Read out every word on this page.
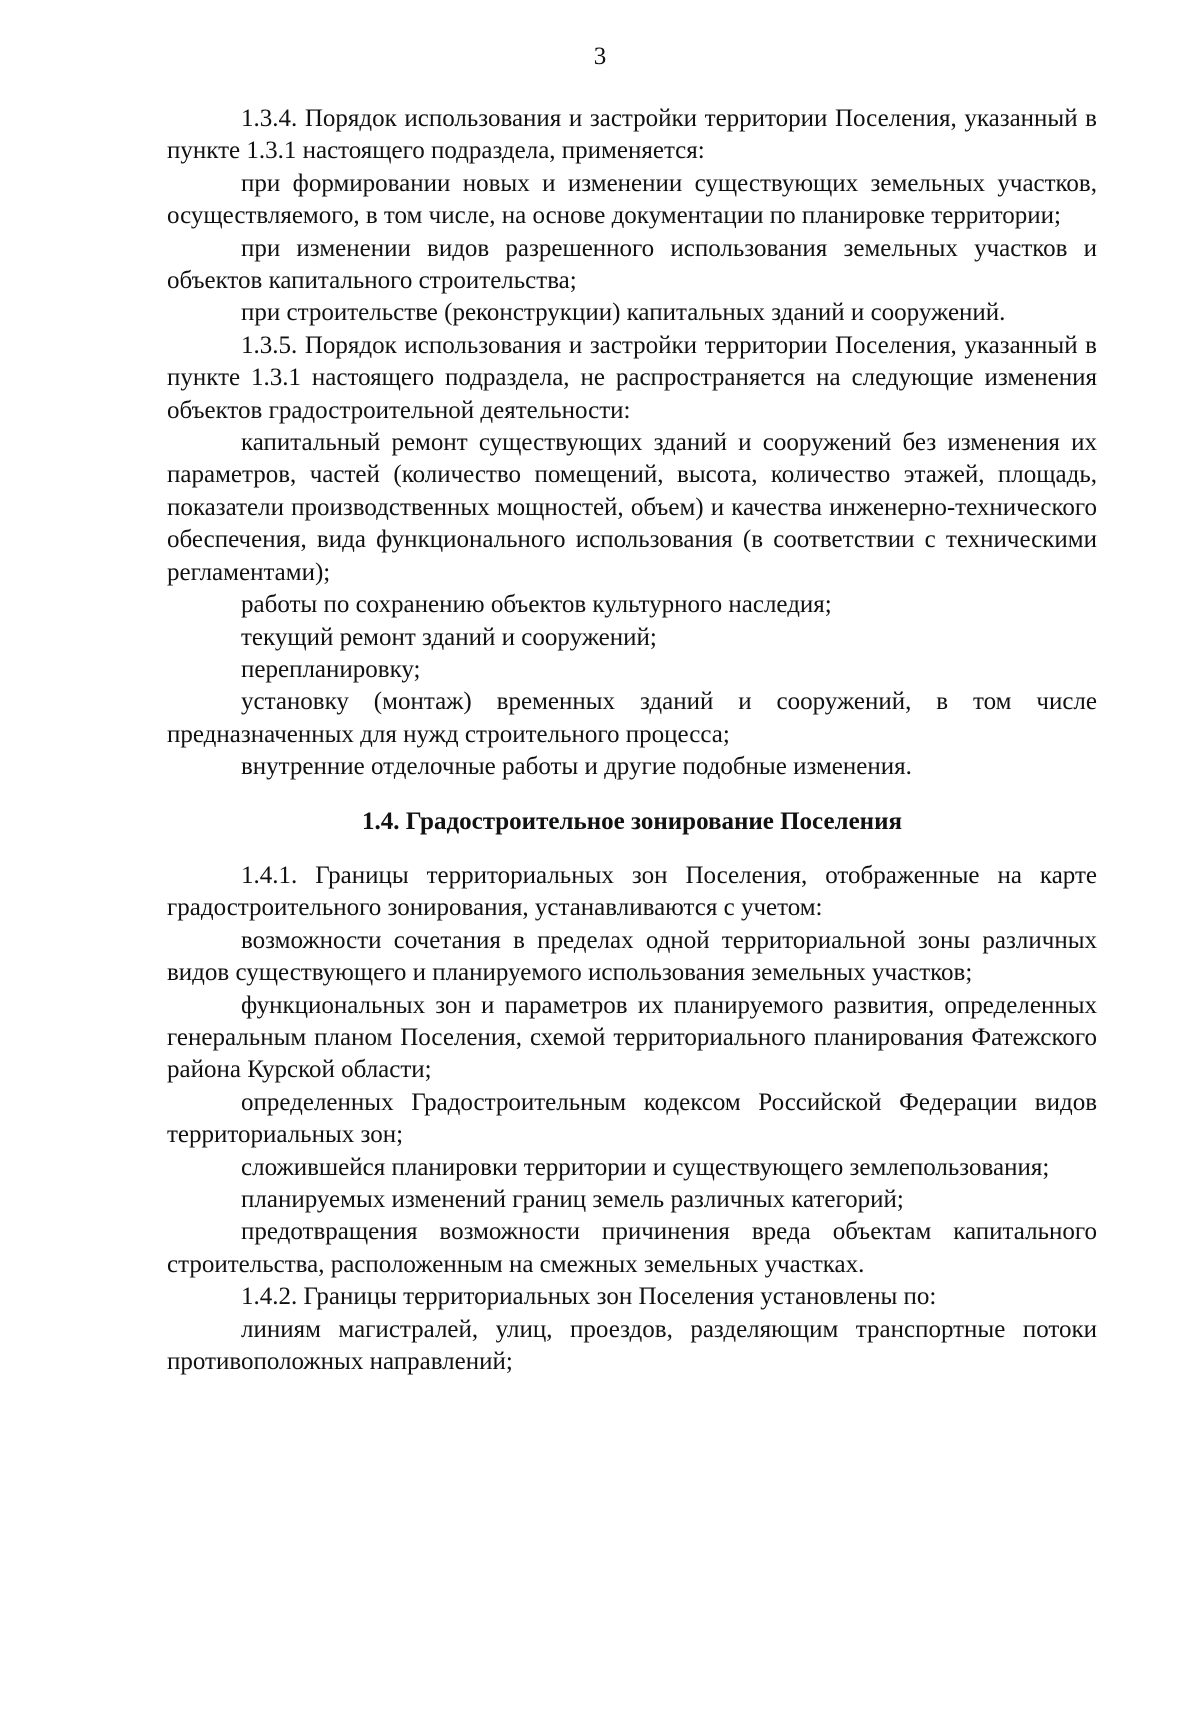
3

1.3.4. Порядок использования и застройки территории Поселения, указанный в пункте 1.3.1 настоящего подраздела, применяется:

при формировании новых и изменении существующих земельных участков, осуществляемого, в том числе, на основе документации по планировке территории;

при изменении видов разрешенного использования земельных участков и объектов капитального строительства;

при строительстве (реконструкции) капитальных зданий и сооружений.

1.3.5. Порядок использования и застройки территории Поселения, указанный в пункте 1.3.1 настоящего подраздела, не распространяется на следующие изменения объектов градостроительной деятельности:

капитальный ремонт существующих зданий и сооружений без изменения их параметров, частей (количество помещений, высота, количество этажей, площадь, показатели производственных мощностей, объем) и качества инженерно-технического обеспечения, вида функционального использования (в соответствии с техническими регламентами);

работы по сохранению объектов культурного наследия;

текущий ремонт зданий и сооружений;

перепланировку;

установку (монтаж) временных зданий и сооружений, в том числе предназначенных для нужд строительного процесса;

внутренние отделочные работы и другие подобные изменения.

1.4. Градостроительное зонирование Поселения

1.4.1. Границы территориальных зон Поселения, отображенные на карте градостроительного зонирования, устанавливаются с учетом:

возможности сочетания в пределах одной территориальной зоны различных видов существующего и планируемого использования земельных участков;

функциональных зон и параметров их планируемого развития, определенных генеральным планом Поселения, схемой территориального планирования Фатежского района Курской области;

определенных Градостроительным кодексом Российской Федерации видов территориальных зон;

сложившейся планировки территории и существующего землепользования;

планируемых изменений границ земель различных категорий;

предотвращения возможности причинения вреда объектам капитального строительства, расположенным на смежных земельных участках.

1.4.2. Границы территориальных зон Поселения установлены по:

линиям магистралей, улиц, проездов, разделяющим транспортные потоки противоположных направлений;
